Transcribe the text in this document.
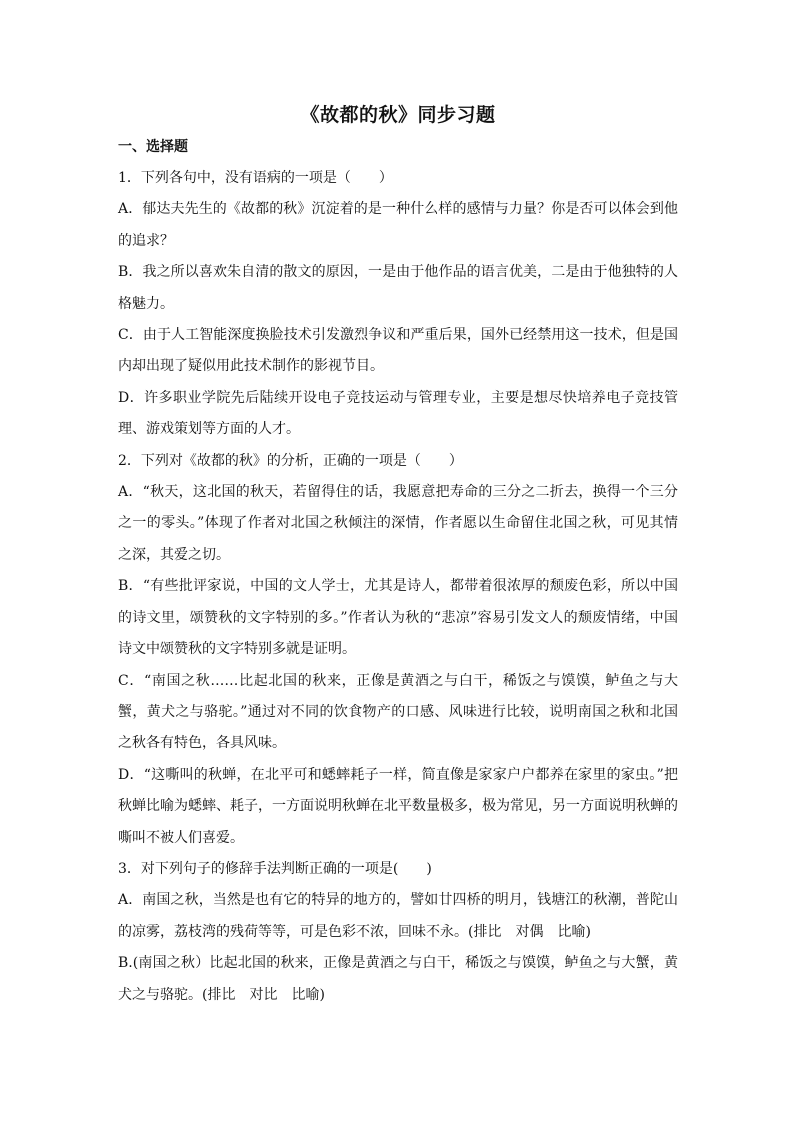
《故都的秋》同步习题

一、选择题

1．下列各句中，没有语病的一项是（　　）

A．郁达夫先生的《故都的秋》沉淀着的是一种什么样的感情与力量？你是否可以体会到他的追求？

B．我之所以喜欢朱自清的散文的原因，一是由于他作品的语言优美，二是由于他独特的人格魅力。

C．由于人工智能深度换脸技术引发激烈争议和严重后果，国外已经禁用这一技术，但是国内却出现了疑似用此技术制作的影视节目。

D．许多职业学院先后陆续开设电子竞技运动与管理专业，主要是想尽快培养电子竞技管理、游戏策划等方面的人才。

2．下列对《故都的秋》的分析，正确的一项是（　　）

A．“秋天，这北国的秋天，若留得住的话，我愿意把寿命的三分之二折去，换得一个三分之一的零头。”体现了作者对北国之秋倾注的深情，作者愿以生命留住北国之秋，可见其情之深，其爱之切。

B．“有些批评家说，中国的文人学士，尤其是诗人，都带着很浓厚的颓废色彩，所以中国的诗文里，颂赞秋的文字特别的多。”作者认为秋的“悲凉”容易引发文人的颓废情绪，中国诗文中颂赞秋的文字特别多就是证明。

C．“南国之秋……比起北国的秋来，正像是黄酒之与白干，稀饭之与馍馍，鲈鱼之与大蟹，黄犬之与骆驼。”通过对不同的饮食物产的口感、风味进行比较，说明南国之秋和北国之秋各有特色，各具风味。

D．“这嘶叫的秋蝉，在北平可和蟋蟀耗子一样，简直像是家家户户都养在家里的家虫。”把秋蝉比喻为蟋蟀、耗子，一方面说明秋蝉在北平数量极多，极为常见，另一方面说明秋蝉的嘶叫不被人们喜爱。

3．对下列句子的修辞手法判断正确的一项是(　　)

A．南国之秋，当然是也有它的特异的地方的，譬如廿四桥的明月，钱塘江的秋潮，普陀山的凉雾，荔枝湾的残荷等等，可是色彩不浓，回味不永。(排比　对偶　比喻)

B.(南国之秋）比起北国的秋来，正像是黄酒之与白干，稀饭之与馍馍，鲈鱼之与大蟹，黄犬之与骆驼。(排比　对比　比喻)
